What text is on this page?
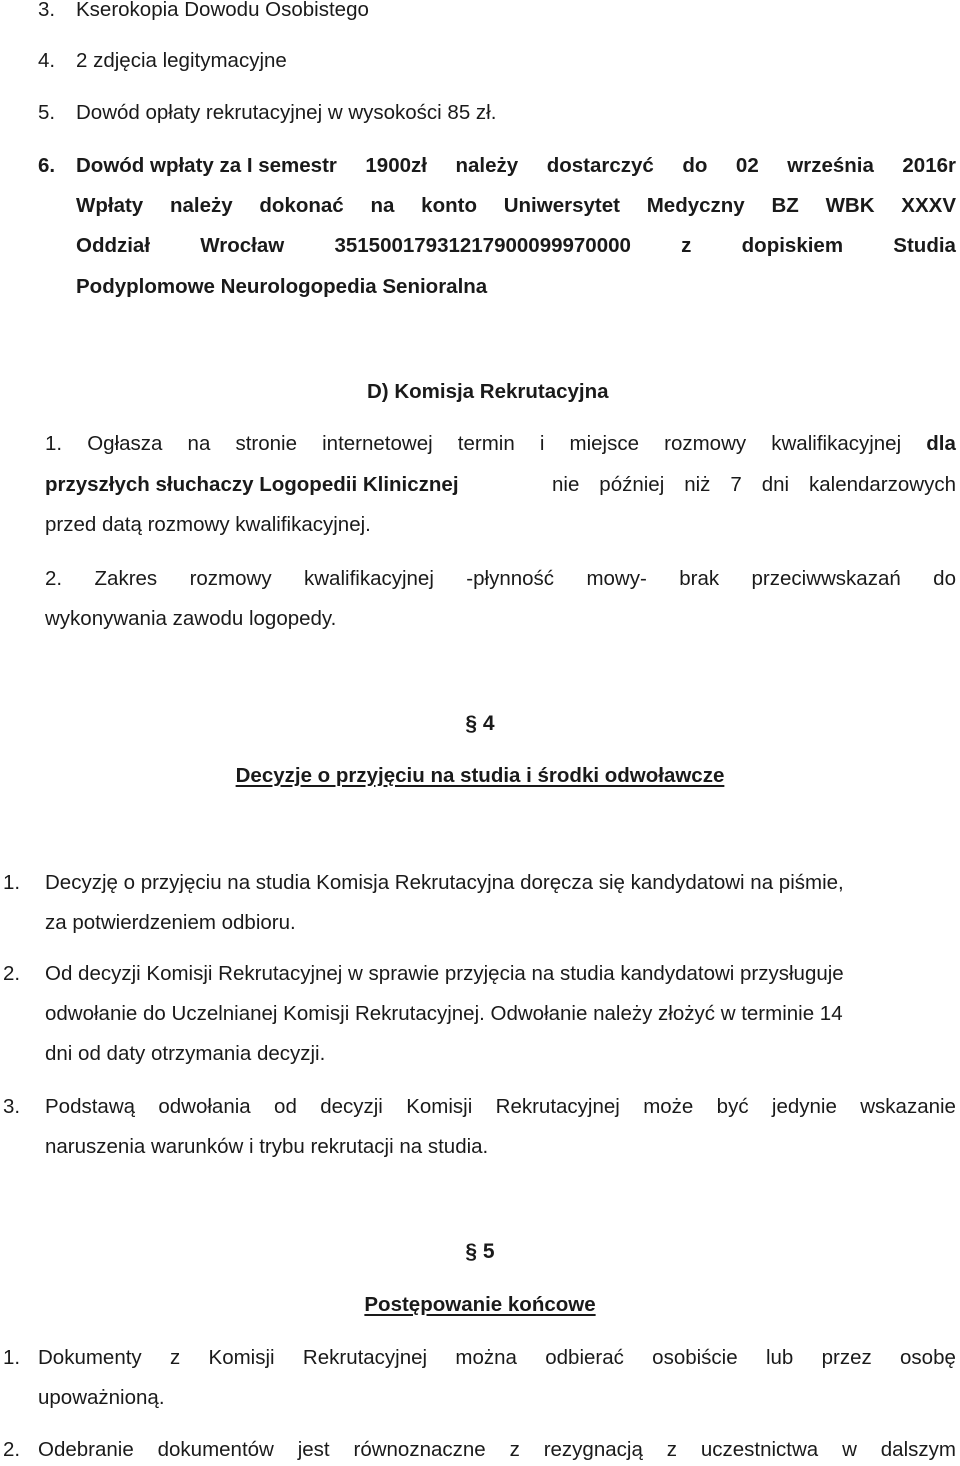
3. Kserokopia Dowodu Osobistego
4. 2 zdjęcia legitymacyjne
5. Dowód opłaty rekrutacyjnej w wysokości 85 zł.
6. Dowód wpłaty za I semestr 1900zł należy dostarczyć do 02 września 2016r
Wpłaty należy dokonać na konto Uniwersytet Medyczny BZ WBK XXXV
Oddział Wrocław 35150017931217900099970000 z dopiskiem Studia
Podyplomowe Neurologopedia Senioralna
D) Komisja Rekrutacyjna
1. Ogłasza na stronie internetowej termin i miejsce rozmowy kwalifikacyjnej dla
przyszłych słuchaczy Logopedii Klinicznej	nie później niż 7 dni kalendarzowych
przed datą rozmowy kwalifikacyjnej.
2. Zakres rozmowy kwalifikacyjnej -płynność mowy- brak przeciwwskazań do
wykonywania zawodu logopedy.
§ 4
Decyzje o przyjęciu na studia i środki odwoławcze
1. Decyzję o przyjęciu na studia Komisja Rekrutacyjna doręcza się kandydatowi na piśmie,
za potwierdzeniem odbioru.
2. Od decyzji Komisji Rekrutacyjnej w sprawie przyjęcia na studia kandydatowi przysługuje
odwołanie do Uczelnianej Komisji Rekrutacyjnej. Odwołanie należy złożyć w terminie 14
dni od daty otrzymania decyzji.
3. Podstawą odwołania od decyzji Komisji Rekrutacyjnej może być jedynie wskazanie
naruszenia warunków i trybu rekrutacji na studia.
§ 5
Postępowanie końcowe
1. Dokumenty z Komisji Rekrutacyjnej można odbierać osobiście lub przez osobę
upoważnioną.
2. Odebranie dokumentów jest równoznaczne z rezygnacją z uczestnictwa w dalszym
